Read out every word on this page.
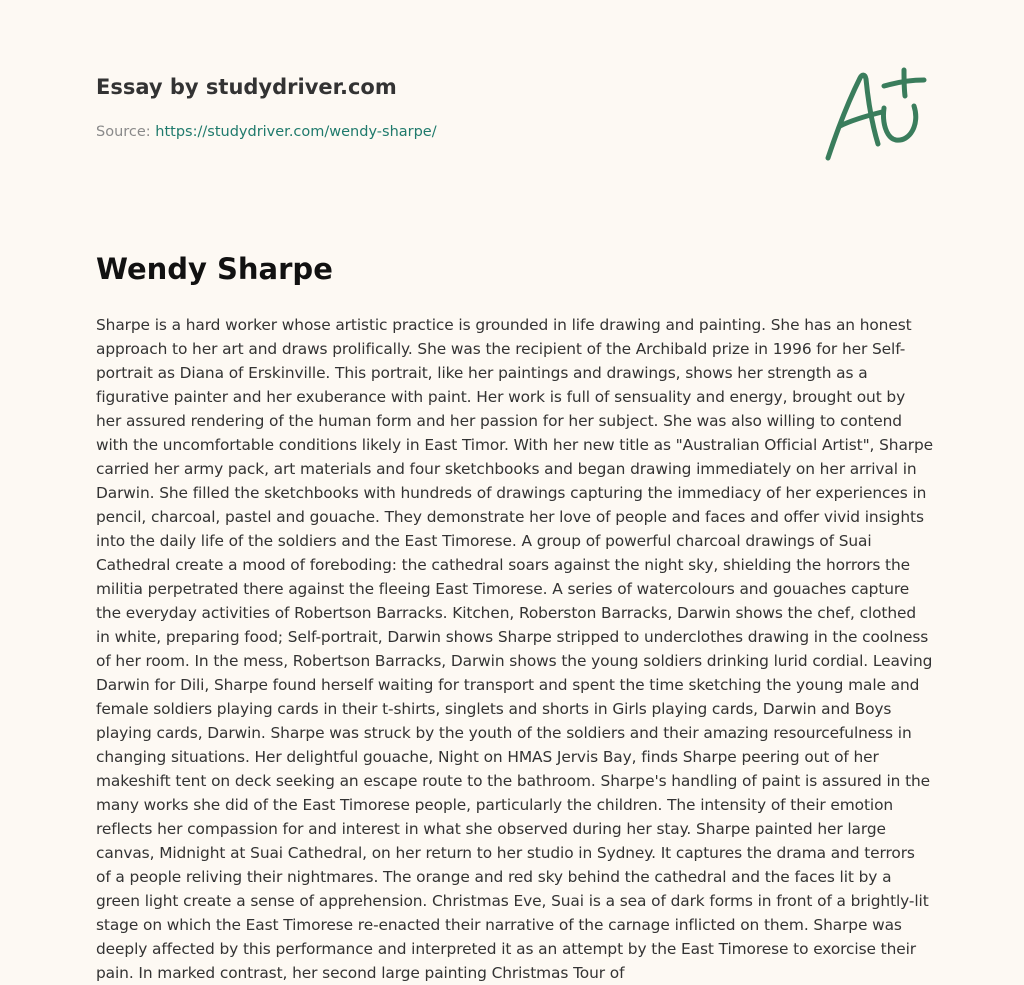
Essay by studydriver.com
Source: https://studydriver.com/wendy-sharpe/
Wendy Sharpe

Sharpe is a hard worker whose artistic practice is grounded in life drawing and painting. She has an honest approach to her art and draws prolifically. She was the recipient of the Archibald prize in 1996 for her Self-portrait as Diana of Erskinville. This portrait, like her paintings and drawings, shows her strength as a figurative painter and her exuberance with paint. Her work is full of sensuality and energy, brought out by her assured rendering of the human form and her passion for her subject. She was also willing to contend with the uncomfortable conditions likely in East Timor. With her new title as "Australian Official Artist", Sharpe carried her army pack, art materials and four sketchbooks and began drawing immediately on her arrival in Darwin. She filled the sketchbooks with hundreds of drawings capturing the immediacy of her experiences in pencil, charcoal, pastel and gouache. They demonstrate her love of people and faces and offer vivid insights into the daily life of the soldiers and the East Timorese. A group of powerful charcoal drawings of Suai Cathedral create a mood of foreboding: the cathedral soars against the night sky, shielding the horrors the militia perpetrated there against the fleeing East Timorese. A series of watercolours and gouaches capture the everyday activities of Robertson Barracks. Kitchen, Roberston Barracks, Darwin shows the chef, clothed in white, preparing food; Self-portrait, Darwin shows Sharpe stripped to underclothes drawing in the coolness of her room. In the mess, Robertson Barracks, Darwin shows the young soldiers drinking lurid cordial. Leaving Darwin for Dili, Sharpe found herself waiting for transport and spent the time sketching the young male and female soldiers playing cards in their t-shirts, singlets and shorts in Girls playing cards, Darwin and Boys playing cards, Darwin. Sharpe was struck by the youth of the soldiers and their amazing resourcefulness in changing situations. Her delightful gouache, Night on HMAS Jervis Bay, finds Sharpe peering out of her makeshift tent on deck seeking an escape route to the bathroom. Sharpe's handling of paint is assured in the many works she did of the East Timorese people, particularly the children. The intensity of their emotion reflects her compassion for and interest in what she observed during her stay. Sharpe painted her large canvas, Midnight at Suai Cathedral, on her return to her studio in Sydney. It captures the drama and terrors of a people reliving their nightmares. The orange and red sky behind the cathedral and the faces lit by a green light create a sense of apprehension. Christmas Eve, Suai is a sea of dark forms in front of a brightly-lit stage on which the East Timorese re-enacted their narrative of the carnage inflicted on them. Sharpe was deeply affected by this performance and interpreted it as an attempt by the East Timorese to exorcise their pain. In marked contrast, her second large painting Christmas Tour of
